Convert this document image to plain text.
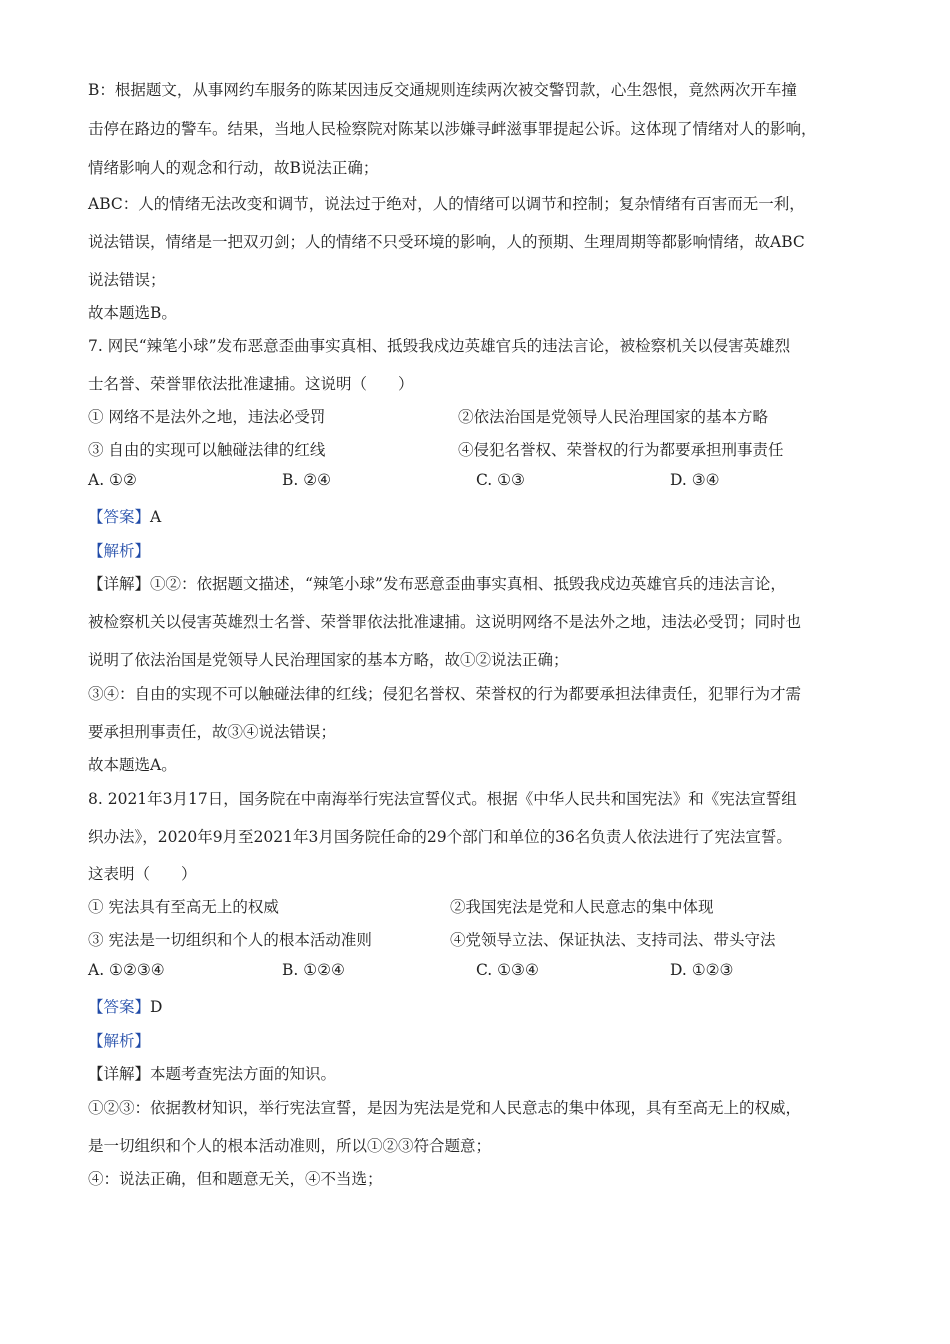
B：根据题文，从事网约车服务的陈某因违反交通规则连续两次被交警罚款，心生怨恨，竟然两次开车撞
击停在路边的警车。结果，当地人民检察院对陈某以涉嫌寻衅滋事罪提起公诉。这体现了情绪对人的影响，
情绪影响人的观念和行动，故B说法正确；
ABC：人的情绪无法改变和调节，说法过于绝对，人的情绪可以调节和控制；复杂情绪有百害而无一利，
说法错误，情绪是一把双刃剑；人的情绪不只受环境的影响，人的预期、生理周期等都影响情绪，故ABC
说法错误；
故本题选B。
7. 网民“辣笔小球”发布恶意歪曲事实真相、抵毁我戍边英雄官兵的违法言论，被检察机关以侵害英雄烈
士名誉、荣誉罪依法批准逮捕。这说明（　　）
① 网络不是法外之地，违法必受罚	②依法治国是党领导人民治理国家的基本方略
③ 自由的实现可以触碰法律的红线	④侵犯名誉权、荣誉权的行为都要承担刑事责任
A. ①②	B. ②④	C. ①③	D. ③④
【答案】A
【解析】
【详解】①②：依据题文描述，“辣笔小球”发布恶意歪曲事实真相、抵毁我戍边英雄官兵的违法言论，
被检察机关以侵害英雄烈士名誉、荣誉罪依法批准逮捕。这说明网络不是法外之地，违法必受罚；同时也
说明了依法治国是党领导人民治理国家的基本方略，故①②说法正确；
③④：自由的实现不可以触碰法律的红线；侵犯名誉权、荣誉权的行为都要承担法律责任，犯罪行为才需
要承担刑事责任，故③④说法错误；
故本题选A。
8. 2021年3月17日，国务院在中南海举行宪法宣誓仪式。根据《中华人民共和国宪法》和《宪法宣誓组
织办法》，2020年9月至2021年3月国务院任命的29个部门和单位的36名负责人依法进行了宪法宣誓。
这表明（　　）
① 宪法具有至高无上的权威	②我国宪法是党和人民意志的集中体现
③ 宪法是一切组织和个人的根本活动准则	④党领导立法、保证执法、支持司法、带头守法
A. ①②③④	B. ①②④	C. ①③④	D. ①②③
【答案】D
【解析】
【详解】本题考查宪法方面的知识。
①②③：依据教材知识，举行宪法宣誓，是因为宪法是党和人民意志的集中体现，具有至高无上的权威，
是一切组织和个人的根本活动准则，所以①②③符合题意；
④：说法正确，但和题意无关，④不当选；
